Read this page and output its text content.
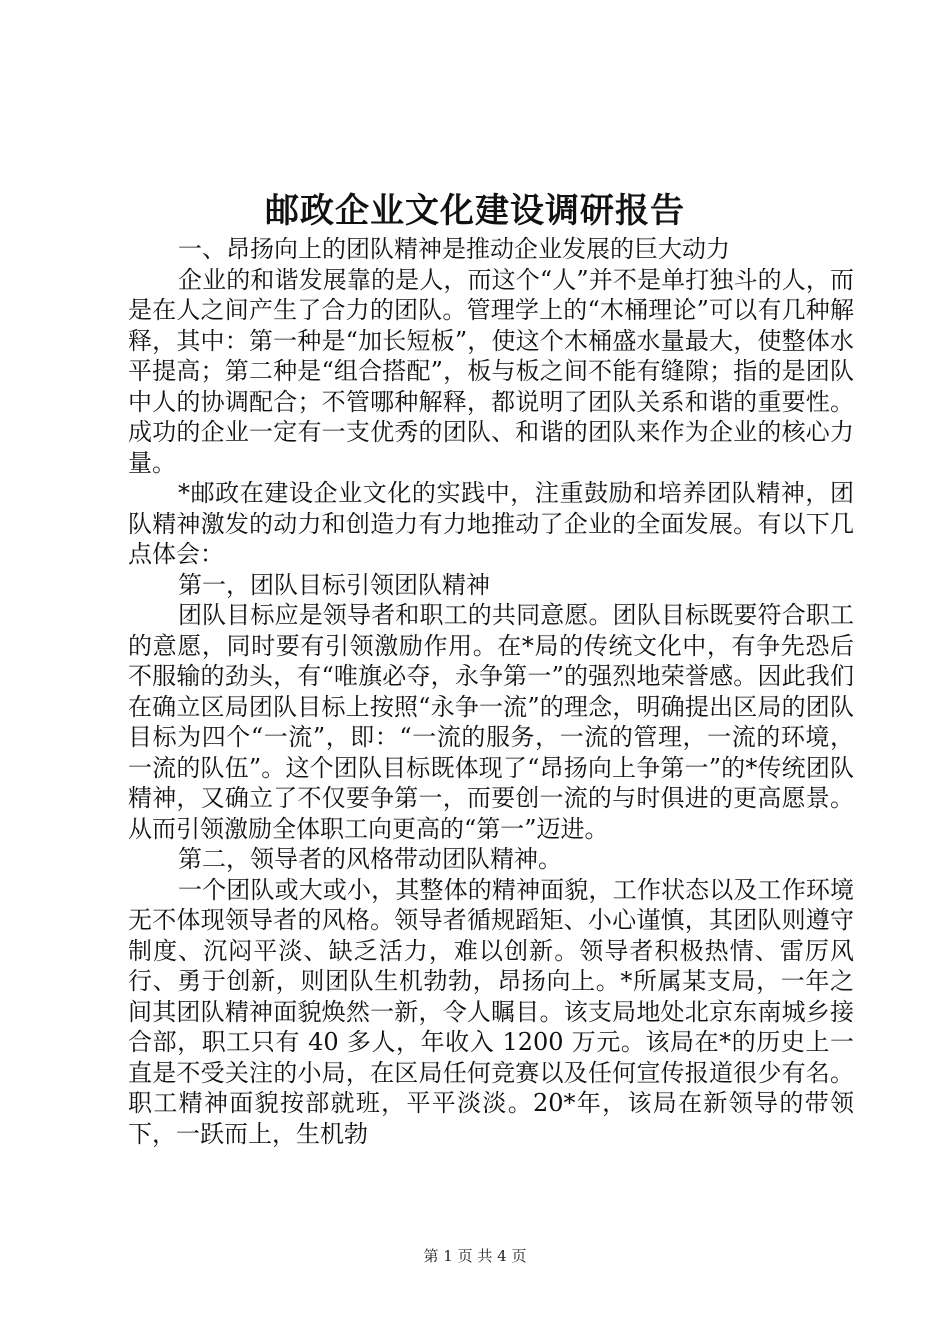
邮政企业文化建设调研报告

一、昂扬向上的团队精神是推动企业发展的巨大动力

企业的和谐发展靠的是人，而这个“人”并不是单打独斗的人，而是在人之间产生了合力的团队。管理学上的“木桶理论”可以有几种解释，其中：第一种是“加长短板”，使这个木桶盛水量最大，使整体水平提高；第二种是“组合搭配”，板与板之间不能有缝隙；指的是团队中人的协调配合；不管哪种解释，都说明了团队关系和谐的重要性。成功的企业一定有一支优秀的团队、和谐的团队来作为企业的核心力量。

*邮政在建设企业文化的实践中，注重鼓励和培养团队精神，团队精神激发的动力和创造力有力地推动了企业的全面发展。有以下几点体会：

第一，团队目标引领团队精神

团队目标应是领导者和职工的共同意愿。团队目标既要符合职工的意愿，同时要有引领激励作用。在*局的传统文化中，有争先恐后不服输的劲头，有“唯旗必夺，永争第一”的强烈地荣誉感。因此我们在确立区局团队目标上按照“永争一流”的理念，明确提出区局的团队目标为四个“一流”，即：“一流的服务，一流的管理，一流的环境，一流的队伍”。这个团队目标既体现了“昂扬向上争第一”的*传统团队精神，又确立了不仅要争第一，而要创一流的与时俱进的更高愿景。从而引领激励全体职工向更高的“第一”迈进。

第二，领导者的风格带动团队精神。

一个团队或大或小，其整体的精神面貌，工作状态以及工作环境无不体现领导者的风格。领导者循规蹈矩、小心谨慎，其团队则遵守制度、沉闷平淡、缺乏活力，难以创新。领导者积极热情、雷厉风行、勇于创新，则团队生机勃勃，昂扬向上。*所属某支局，一年之间其团队精神面貌焕然一新，令人瞩目。该支局地处北京东南城乡接合部，职工只有 40 多人，年收入 1200 万元。该局在*的历史上一直是不受关注的小局，在区局任何竞赛以及任何宣传报道很少有名。职工精神面貌按部就班，平平淡淡。20*年，该局在新领导的带领下，一跃而上，生机勃

第 1 页 共 4 页
